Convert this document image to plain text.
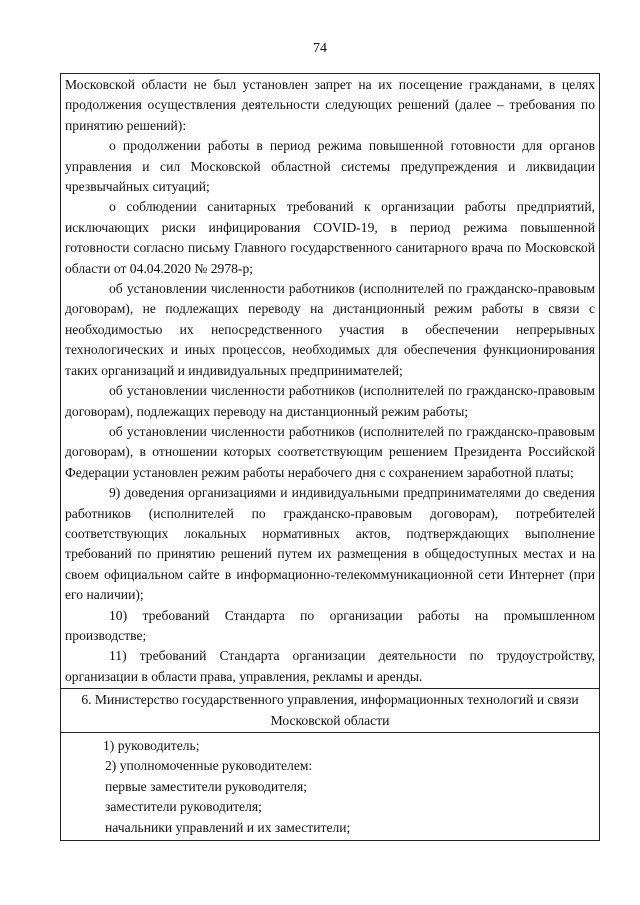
74

Московской области не был установлен запрет на их посещение гражданами, в целях продолжения осуществления деятельности следующих решений (далее – требования по принятию решений):

о продолжении работы в период режима повышенной готовности для органов управления и сил Московской областной системы предупреждения и ликвидации чрезвычайных ситуаций;

о соблюдении санитарных требований к организации работы предприятий, исключающих риски инфицирования COVID-19, в период режима повышенной готовности согласно письму Главного государственного санитарного врача по Московской области от 04.04.2020 № 2978-р;

об установлении численности работников (исполнителей по гражданско-правовым договорам), не подлежащих переводу на дистанционный режим работы в связи с необходимостью их непосредственного участия в обеспечении непрерывных технологических и иных процессов, необходимых для обеспечения функционирования таких организаций и индивидуальных предпринимателей;

об установлении численности работников (исполнителей по гражданско-правовым договорам), подлежащих переводу на дистанционный режим работы;

об установлении численности работников (исполнителей по гражданско-правовым договорам), в отношении которых соответствующим решением Президента Российской Федерации установлен режим работы нерабочего дня с сохранением заработной платы;

9) доведения организациями и индивидуальными предпринимателями до сведения работников (исполнителей по гражданско-правовым договорам), потребителей соответствующих локальных нормативных актов, подтверждающих выполнение требований по принятию решений путем их размещения в общедоступных местах и на своем официальном сайте в информационно-телекоммуникационной сети Интернет (при его наличии);

10) требований Стандарта по организации работы на промышленном производстве;

11) требований Стандарта организации деятельности по трудоустройству, организации в области права, управления, рекламы и аренды.

6. Министерство государственного управления, информационных технологий и связи Московской области

1) руководитель;

2) уполномоченные руководителем:

первые заместители руководителя;

заместители руководителя;

начальники управлений и их заместители;
